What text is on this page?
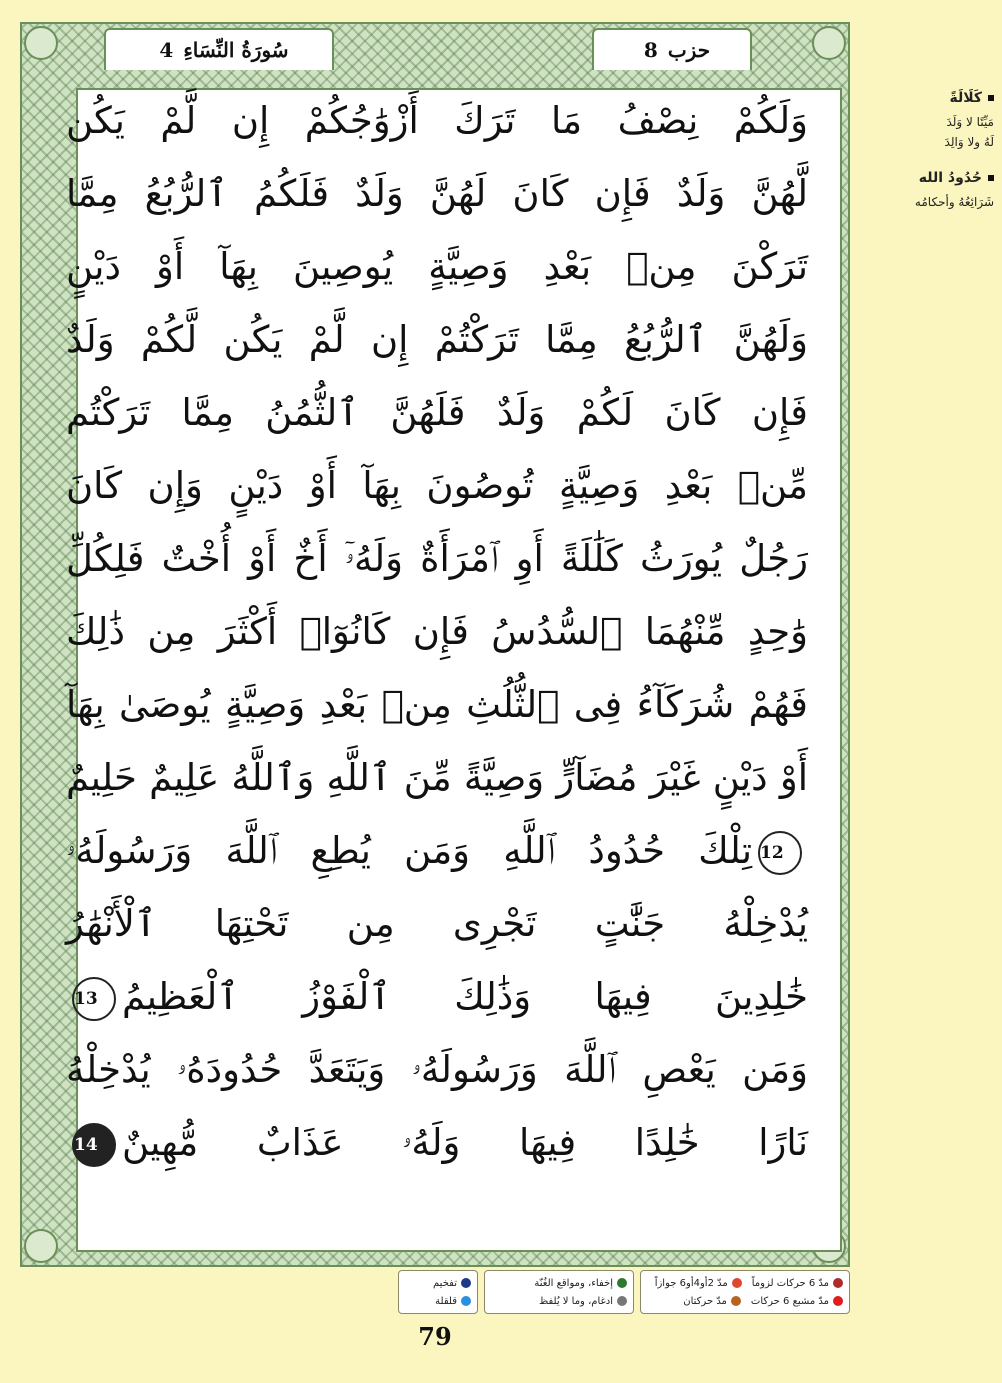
4 سُورَةُ النِّسَاءِ	8 حزب
وَلَكُمْ نِصْفُ مَا تَرَكَ أَزْوَٰجُكُمْ إِن لَّمْ يَكُن
لَّهُنَّ وَلَدٌ فَإِن كَانَ لَهُنَّ وَلَدٌ فَلَكُمُ ٱلرُّبُعُ مِمَّا
تَرَكْنَ مِنۢ بَعْدِ وَصِيَّةٍ يُوصِينَ بِهَآ أَوْ دَيْنٍ
وَلَهُنَّ ٱلرُّبُعُ مِمَّا تَرَكْتُمْ إِن لَّمْ يَكُن لَّكُمْ وَلَدٌ
فَإِن كَانَ لَكُمْ وَلَدٌ فَلَهُنَّ ٱلثُّمُنُ مِمَّا تَرَكْتُم
مِّنۢ بَعْدِ وَصِيَّةٍ تُوصُونَ بِهَآ أَوْ دَيْنٍ وَإِن كَانَ
رَجُلٌ يُورَثُ كَلَٰلَةً أَوِ ٱمْرَأَةٌ وَلَهُۥٓ أَخٌ أَوْ أُخْتٌ فَلِكُلِّ
وَٰحِدٍ مِّنْهُمَا ٱلسُّدُسُ فَإِن كَانُوٓا۟ أَكْثَرَ مِن ذَٰلِكَ
فَهُمْ شُرَكَآءُ فِى ٱلثُّلُثِ مِنۢ بَعْدِ وَصِيَّةٍ يُوصَىٰ بِهَآ
أَوْ دَيْنٍ غَيْرَ مُضَآرٍّ وَصِيَّةً مِّنَ ٱللَّهِ وَٱللَّهُ عَلِيمٌ حَلِيمٌ
12تِلْكَ حُدُودُ ٱللَّهِ وَمَن يُطِعِ ٱللَّهَ وَرَسُولَهُۥ
يُدْخِلْهُ جَنَّٰتٍ تَجْرِى مِن تَحْتِهَا ٱلْأَنْهَٰرُ
خَٰلِدِينَ فِيهَا وَذَٰلِكَ ٱلْفَوْزُ ٱلْعَظِيمُ13
وَمَن يَعْصِ ٱللَّهَ وَرَسُولَهُۥ وَيَتَعَدَّ حُدُودَهُۥ يُدْخِلْهُ
نَارًا خَٰلِدًا فِيهَا وَلَهُۥ عَذَابٌ مُّهِينٌ14
كَلَالَةً
مَيِّتًا لا وَلَدَ
لَهُ ولا وَالِدَ
حُدُودُ الله
شَرَائِعُهُ وأحكامُه
مدّ 6 حركات لزوماً
مدّ 2أو4أو6 جوازاً
مدّ مشبع 6 حركات
مدّ حركتان
إخفاء، ومواقع الغُنّة
ادغام، وما لا يُلفظ
تفخيم
قلقلة
79
